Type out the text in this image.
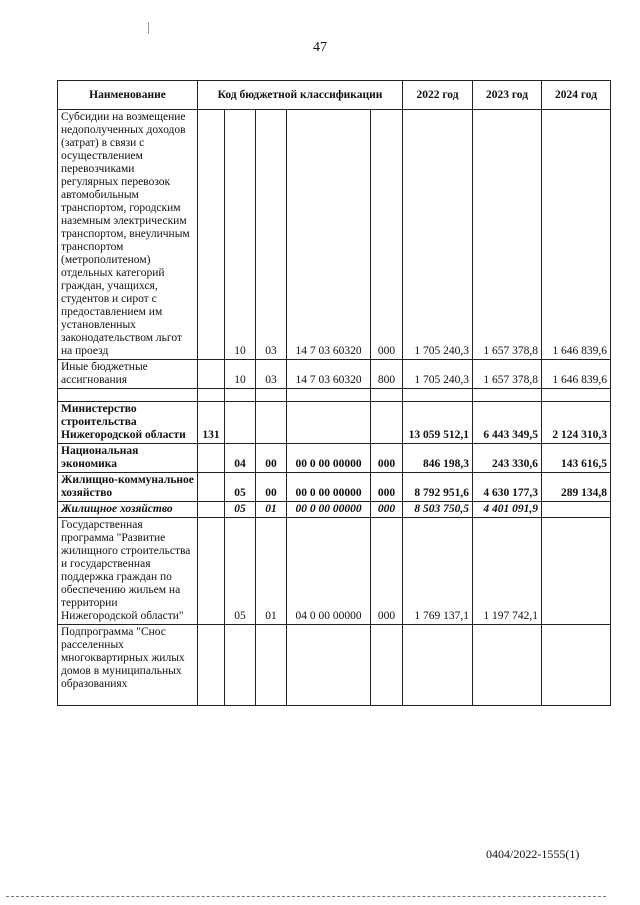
47
Наименование	Код бюджетной классификации					2022 год	2023 год	2024 год
Субсидии на возмещение недополученных доходов (затрат) в связи с осуществлением перевозчиками регулярных перевозок автомобильным транспортом, городским наземным электрическим транспортом, внеуличным транспортом (метрополитеном) отдельных категорий граждан, учащихся, студентов и сирот с предоставлением им установленных законодательством льгот на проезд		10	03	14 7 03 60320	000	1 705 240,3	1 657 378,8	1 646 839,6
Иные бюджетные ассигнования		10	03	14 7 03 60320	800	1 705 240,3	1 657 378,8	1 646 839,6

Министерство строительства Нижегородской области	131					13 059 512,1	6 443 349,5	2 124 310,3
Национальная экономика		04	00	00 0 00 00000	000	846 198,3	243 330,6	143 616,5
Жилищно-коммунальное хозяйство		05	00	00 0 00 00000	000	8 792 951,6	4 630 177,3	289 134,8
Жилищное хозяйство		05	01	00 0 00 00000	000	8 503 750,5	4 401 091,9	
Государственная программа "Развитие жилищного строительства и государственная поддержка граждан по обеспечению жильем на территории Нижегородской области"		05	01	04 0 00 00000	000	1 769 137,1	1 197 742,1	
Подпрограмма "Снос расселенных многоквартирных жилых домов в муниципальных образованиях								
0404/2022-1555(1)
